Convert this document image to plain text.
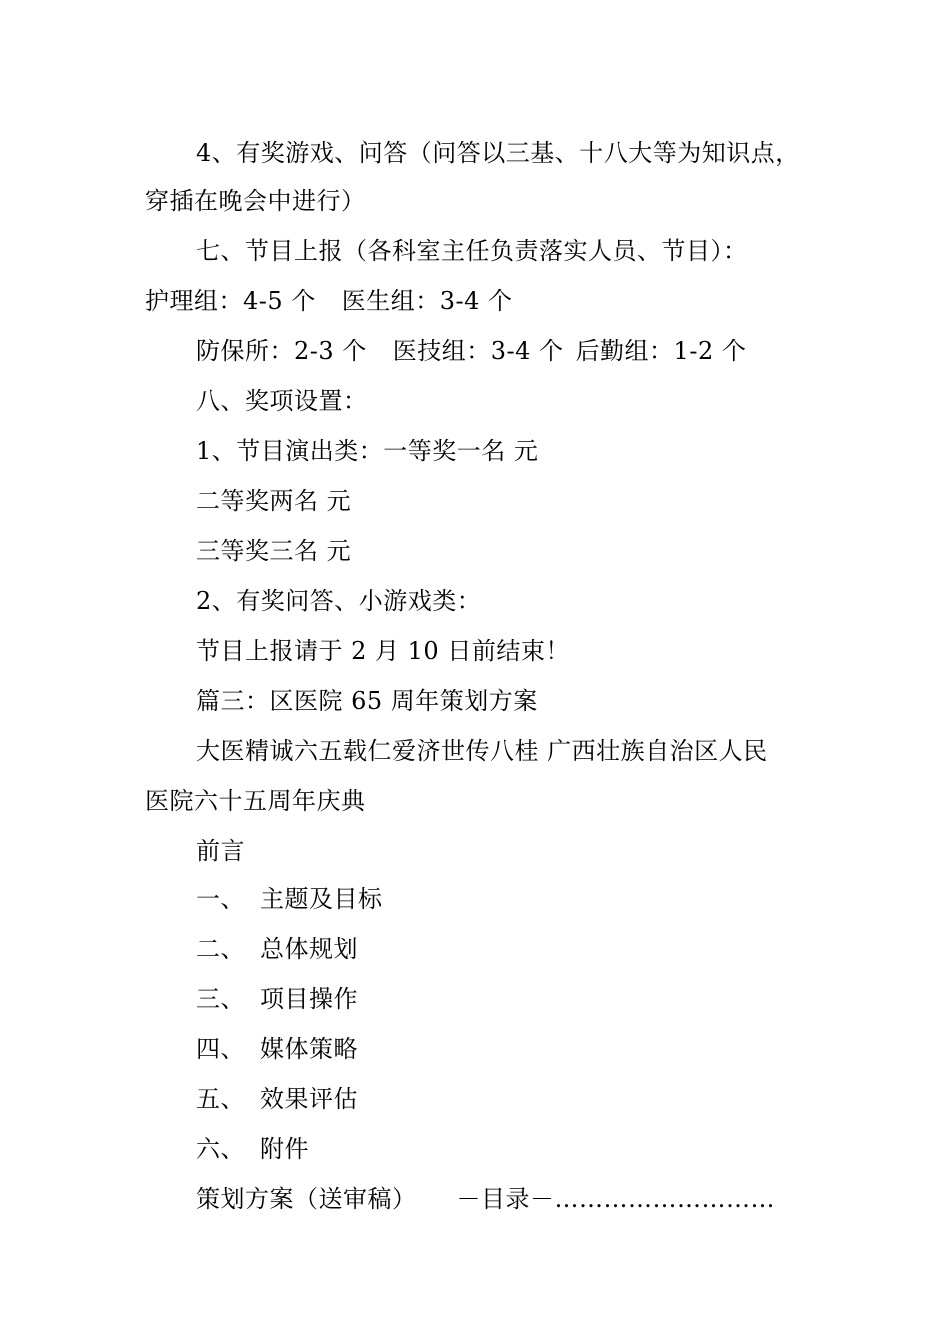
4、有奖游戏、问答（问答以三基、十八大等为知识点，
穿插在晚会中进行）
七、节目上报（各科室主任负责落实人员、节目）：
护理组：4-5 个 医生组：3-4 个
防保所：2-3 个 医技组：3-4 个 后勤组：1-2 个
八、奖项设置：
1、节目演出类：一等奖一名 元
二等奖两名 元
三等奖三名 元
2、有奖问答、小游戏类：
节目上报请于 2 月 10 日前结束！
篇三：区医院 65 周年策划方案
大医精诚六五载仁爱济世传八桂 广西壮族自治区人民
医院六十五周年庆典
前言
一、 主题及目标
二、 总体规划
三、 项目操作
四、 媒体策略
五、 效果评估
六、 附件
策划方案（送审稿） －目录－………………………
